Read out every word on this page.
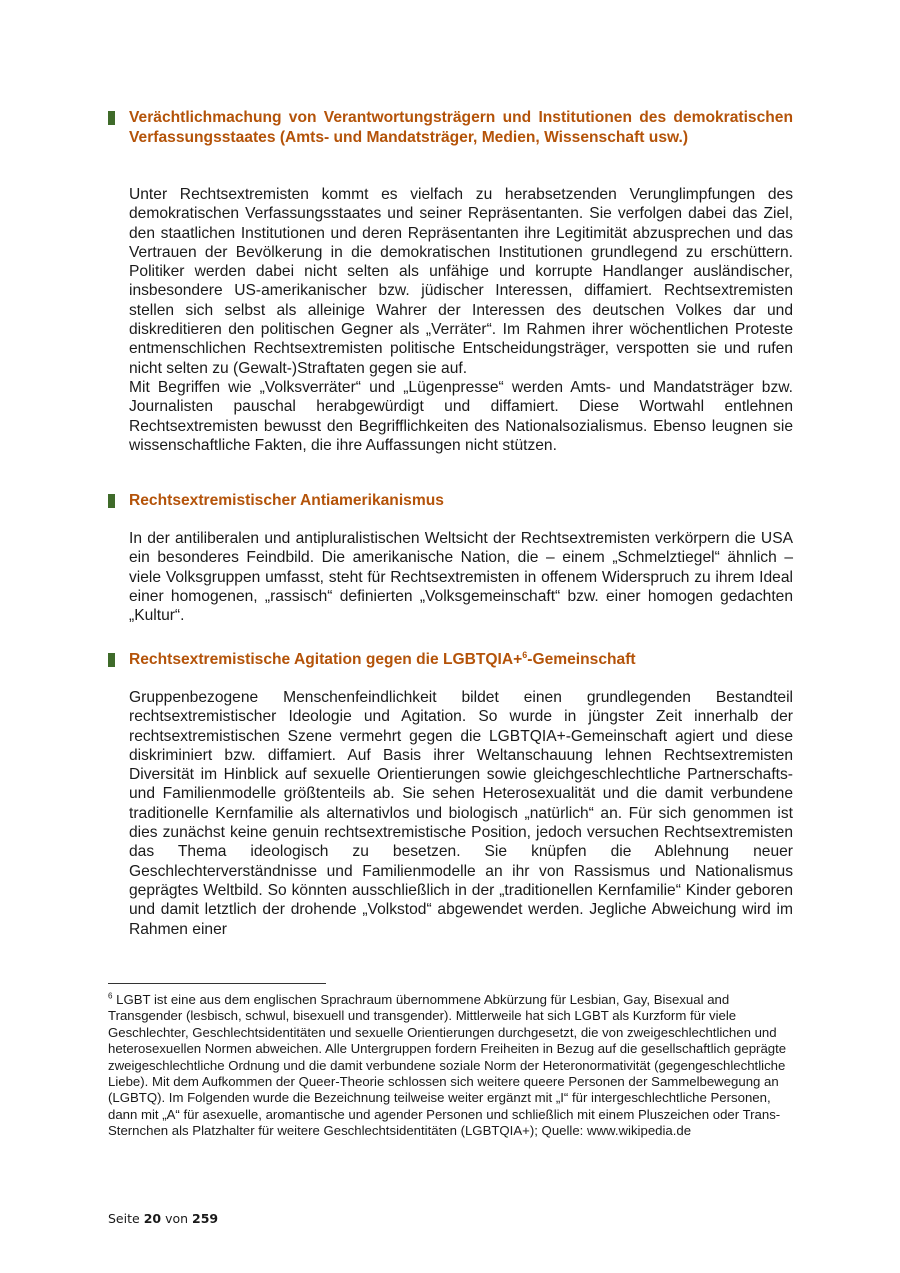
Verächtlichmachung von Verantwortungsträgern und Institutionen des demokratischen Verfassungsstaates (Amts- und Mandatsträger, Medien, Wissenschaft usw.)

Unter Rechtsextremisten kommt es vielfach zu herabsetzenden Verunglimpfungen des demokratischen Verfassungsstaates und seiner Repräsentanten. Sie verfolgen dabei das Ziel, den staatlichen Institutionen und deren Repräsentanten ihre Legitimität abzusprechen und das Vertrauen der Bevölkerung in die demokratischen Institutionen grundlegend zu erschüttern. Politiker werden dabei nicht selten als unfähige und korrupte Handlanger ausländischer, insbesondere US-amerikanischer bzw. jüdischer Interessen, diffamiert. Rechtsextremisten stellen sich selbst als alleinige Wahrer der Interessen des deutschen Volkes dar und diskreditieren den politischen Gegner als „Verräter“. Im Rahmen ihrer wöchentlichen Proteste entmenschlichen Rechtsextremisten politische Entscheidungsträger, verspotten sie und rufen nicht selten zu (Gewalt-)Straftaten gegen sie auf.

Mit Begriffen wie „Volksverräter“ und „Lügenpresse“ werden Amts- und Mandatsträger bzw. Journalisten pauschal herabgewürdigt und diffamiert. Diese Wortwahl entlehnen Rechtsextremisten bewusst den Begrifflichkeiten des Nationalsozialismus. Ebenso leugnen sie wissenschaftliche Fakten, die ihre Auffassungen nicht stützen.

Rechtsextremistischer Antiamerikanismus

In der antiliberalen und antipluralistischen Weltsicht der Rechtsextremisten verkörpern die USA ein besonderes Feindbild. Die amerikanische Nation, die – einem „Schmelztiegel“ ähnlich – viele Volksgruppen umfasst, steht für Rechtsextremisten in offenem Widerspruch zu ihrem Ideal einer homogenen, „rassisch“ definierten „Volksgemeinschaft“ bzw. einer homogen gedachten „Kultur“.

Rechtsextremistische Agitation gegen die LGBTQIA+$^6$-Gemeinschaft

Gruppenbezogene Menschenfeindlichkeit bildet einen grundlegenden Bestandteil rechtsextremistischer Ideologie und Agitation. So wurde in jüngster Zeit innerhalb der rechtsextremistischen Szene vermehrt gegen die LGBTQIA+-Gemeinschaft agiert und diese diskriminiert bzw. diffamiert. Auf Basis ihrer Weltanschauung lehnen Rechtsextremisten Diversität im Hinblick auf sexuelle Orientierungen sowie gleichgeschlechtliche Partnerschafts- und Familienmodelle größtenteils ab. Sie sehen Heterosexualität und die damit verbundene traditionelle Kernfamilie als alternativlos und biologisch „natürlich“ an. Für sich genommen ist dies zunächst keine genuin rechtsextremistische Position, jedoch versuchen Rechtsextremisten das Thema ideologisch zu besetzen. Sie knüpfen die Ablehnung neuer Geschlechterverständnisse und Familienmodelle an ihr von Rassismus und Nationalismus geprägtes Weltbild. So könnten ausschließlich in der „traditionellen Kernfamilie“ Kinder geboren und damit letztlich der drohende „Volkstod“ abgewendet werden. Jegliche Abweichung wird im Rahmen einer

$^6$ LGBT ist eine aus dem englischen Sprachraum übernommene Abkürzung für Lesbian, Gay, Bisexual and Transgender (lesbisch, schwul, bisexuell und transgender). Mittlerweile hat sich LGBT als Kurzform für viele Geschlechter, Geschlechtsidentitäten und sexuelle Orientierungen durchgesetzt, die von zweigeschlechtlichen und heterosexuellen Normen abweichen. Alle Untergruppen fordern Freiheiten in Bezug auf die gesellschaftlich geprägte zweigeschlechtliche Ordnung und die damit verbundene soziale Norm der Heteronormativität (gegengeschlechtliche Liebe). Mit dem Aufkommen der Queer-Theorie schlossen sich weitere queere Personen der Sammelbewegung an (LGBTQ). Im Folgenden wurde die Bezeichnung teilweise weiter ergänzt mit „I“ für intergeschlechtliche Personen, dann mit „A“ für asexuelle, aromantische und agender Personen und schließlich mit einem Pluszeichen oder Trans-Sternchen als Platzhalter für weitere Geschlechtsidentitäten (LGBTQIA+); Quelle: www.wikipedia.de
Seite 20 von 259
